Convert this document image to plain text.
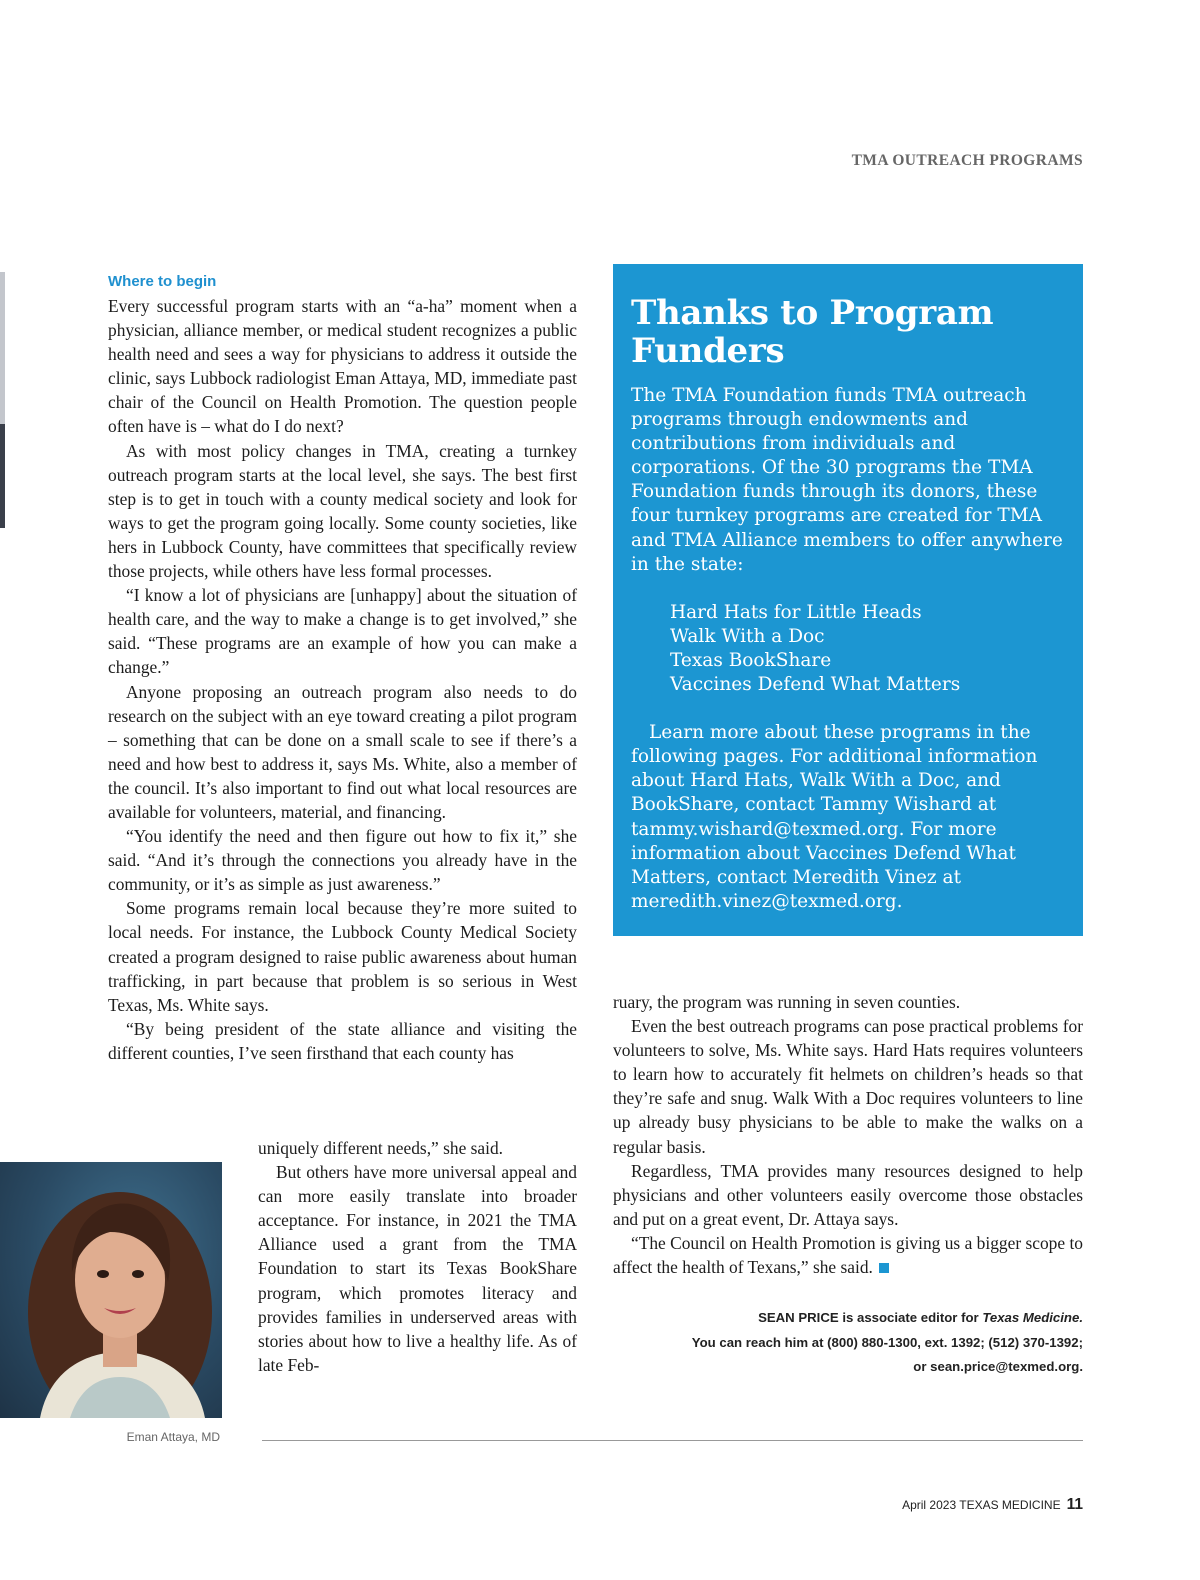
TMA OUTREACH PROGRAMS
Where to begin

Every successful program starts with an “a-ha” moment when a physician, alliance member, or medical student recognizes a public health need and sees a way for physicians to address it outside the clinic, says Lubbock radiologist Eman Attaya, MD, immediate past chair of the Council on Health Promotion. The question people often have is – what do I do next?

As with most policy changes in TMA, creating a turnkey outreach program starts at the local level, she says. The best first step is to get in touch with a county medical society and look for ways to get the program going locally. Some county societies, like hers in Lubbock County, have committees that specifically review those projects, while others have less formal processes.

“I know a lot of physicians are [unhappy] about the situation of health care, and the way to make a change is to get involved,” she said. “These programs are an example of how you can make a change.”

Anyone proposing an outreach program also needs to do research on the subject with an eye toward creating a pilot program – something that can be done on a small scale to see if there’s a need and how best to address it, says Ms. White, also a member of the council. It’s also important to find out what local resources are available for volunteers, material, and financing.

“You identify the need and then figure out how to fix it,” she said. “And it’s through the connections you already have in the community, or it’s as simple as just awareness.”

Some programs remain local because they’re more suited to local needs. For instance, the Lubbock County Medical Society created a program designed to raise public awareness about human trafficking, in part because that problem is so serious in West Texas, Ms. White says.

“By being president of the state alliance and visiting the different counties, I’ve seen firsthand that each county has

uniquely different needs,” she said.

But others have more universal appeal and can more easily translate into broader acceptance. For instance, in 2021 the TMA Alliance used a grant from the TMA Foundation to start its Texas BookShare program, which promotes literacy and provides families in underserved areas with stories about how to live a healthy life. As of late Feb-

Eman Attaya, MD
Thanks to Program Funders

The TMA Foundation funds TMA outreach programs through endowments and contributions from individuals and corporations. Of the 30 programs the TMA Foundation funds through its donors, these four turnkey programs are created for TMA and TMA Alliance members to offer anywhere in the state:

Hard Hats for Little Heads
Walk With a Doc
Texas BookShare
Vaccines Defend What Matters

Learn more about these programs in the following pages. For additional information about Hard Hats, Walk With a Doc, and BookShare, contact Tammy Wishard at tammy.wishard@texmed.org. For more information about Vaccines Defend What Matters, contact Meredith Vinez at meredith.vinez@texmed.org.

ruary, the program was running in seven counties.

Even the best outreach programs can pose practical problems for volunteers to solve, Ms. White says. Hard Hats requires volunteers to learn how to accurately fit helmets on children’s heads so that they’re safe and snug. Walk With a Doc requires volunteers to line up already busy physicians to be able to make the walks on a regular basis.

Regardless, TMA provides many resources designed to help physicians and other volunteers easily overcome those obstacles and put on a great event, Dr. Attaya says.

“The Council on Health Promotion is giving us a bigger scope to affect the health of Texans,” she said.

SEAN PRICE is associate editor for Texas Medicine.
You can reach him at (800) 880-1300, ext. 1392; (512) 370-1392;
or sean.price@texmed.org.
April 2023 TEXAS MEDICINE 11
